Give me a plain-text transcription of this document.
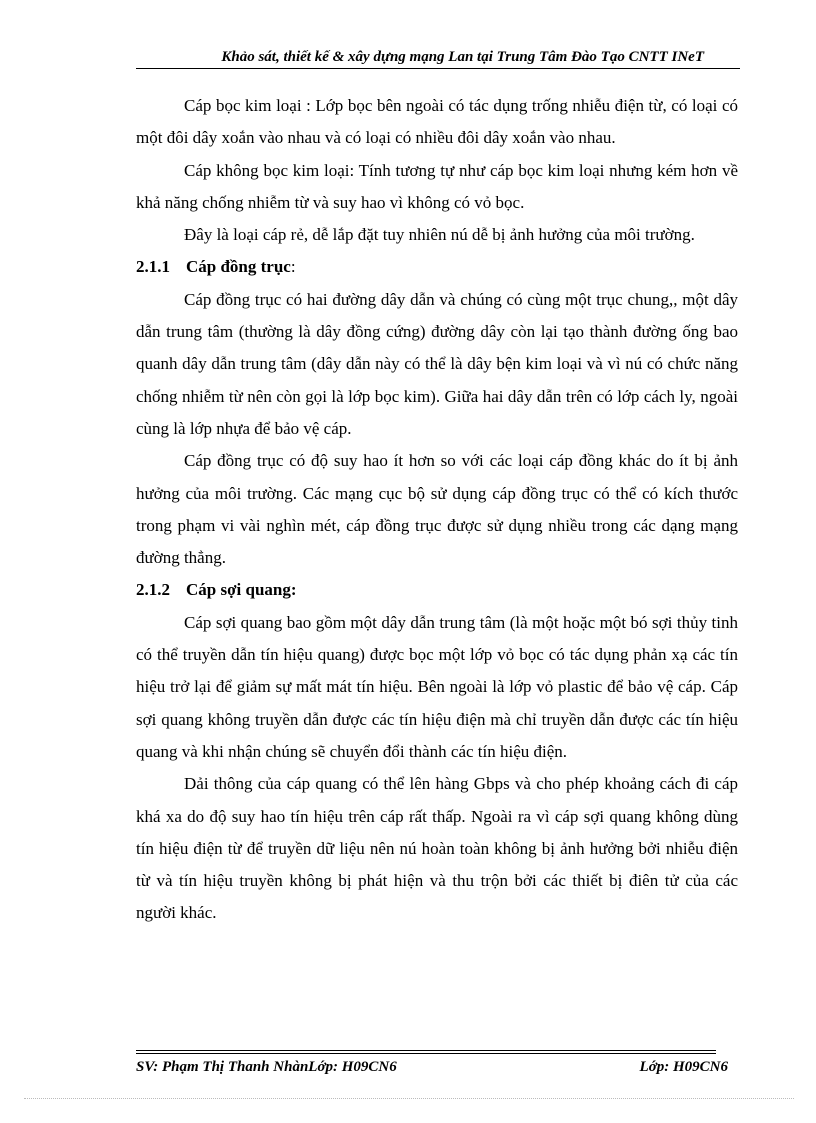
Khảo sát, thiết kế & xây dựng mạng Lan tại Trung Tâm Đào Tạo CNTT INeT

Cáp bọc kim loại : Lớp bọc bên ngoài có tác dụng trống nhiễu điện từ, có loại có một đôi dây xoắn vào nhau và có loại có nhiều đôi dây xoắn vào nhau.

Cáp không bọc kim loại: Tính tương tự như cáp bọc kim loại nhưng kém hơn về khả năng chống nhiễm từ và suy hao vì không có vỏ bọc.

Đây là loại cáp rẻ, dễ lắp đặt tuy nhiên nú dễ bị ảnh hưởng của môi trường.

2.1.1 Cáp đồng trục:

Cáp đồng trục có hai đường dây dẫn và chúng có cùng một trục chung,, một dây dẫn trung tâm (thường là dây đồng cứng) đường dây còn lại tạo thành đường ống bao quanh dây dẫn trung tâm (dây dẫn này có thể là dây bện kim loại và vì nú có chức năng chống nhiễm từ nên còn gọi là lớp bọc kim). Giữa hai dây dẫn trên có lớp cách ly, ngoài cùng là lớp nhựa để bảo vệ cáp.

Cáp đồng trục có độ suy hao ít hơn so với các loại cáp đồng khác do ít bị ảnh hưởng của môi trường. Các mạng cục bộ sử dụng cáp đồng trục có thể có kích thước trong phạm vi vài nghìn mét, cáp đồng trục được sử dụng nhiều trong các dạng mạng đường thẳng.

2.1.2 Cáp sợi quang:

Cáp sợi quang bao gồm một dây dẫn trung tâm (là một hoặc một bó sợi thủy tinh có thể truyền dẫn tín hiệu quang) được bọc một lớp vỏ bọc có tác dụng phản xạ các tín hiệu trở lại để giảm sự mất mát tín hiệu. Bên ngoài là lớp vỏ plastic để bảo vệ cáp. Cáp sợi quang không truyền dẫn được các tín hiệu điện mà chỉ truyền dẫn được các tín hiệu quang và khi nhận chúng sẽ chuyển đổi thành các tín hiệu điện.

Dải thông của cáp quang có thể lên hàng Gbps và cho phép khoảng cách đi cáp khá xa do độ suy hao tín hiệu trên cáp rất thấp. Ngoài ra vì cáp sợi quang không dùng tín hiệu điện từ để truyền dữ liệu nên nú hoàn toàn không bị ảnh hưởng bởi nhiễu điện từ và tín hiệu truyền không bị phát hiện và thu trộn bởi các thiết bị điên tử của các người khác.

SV: Phạm Thị Thanh NhànLớp: H09CN6	Lớp: H09CN6
